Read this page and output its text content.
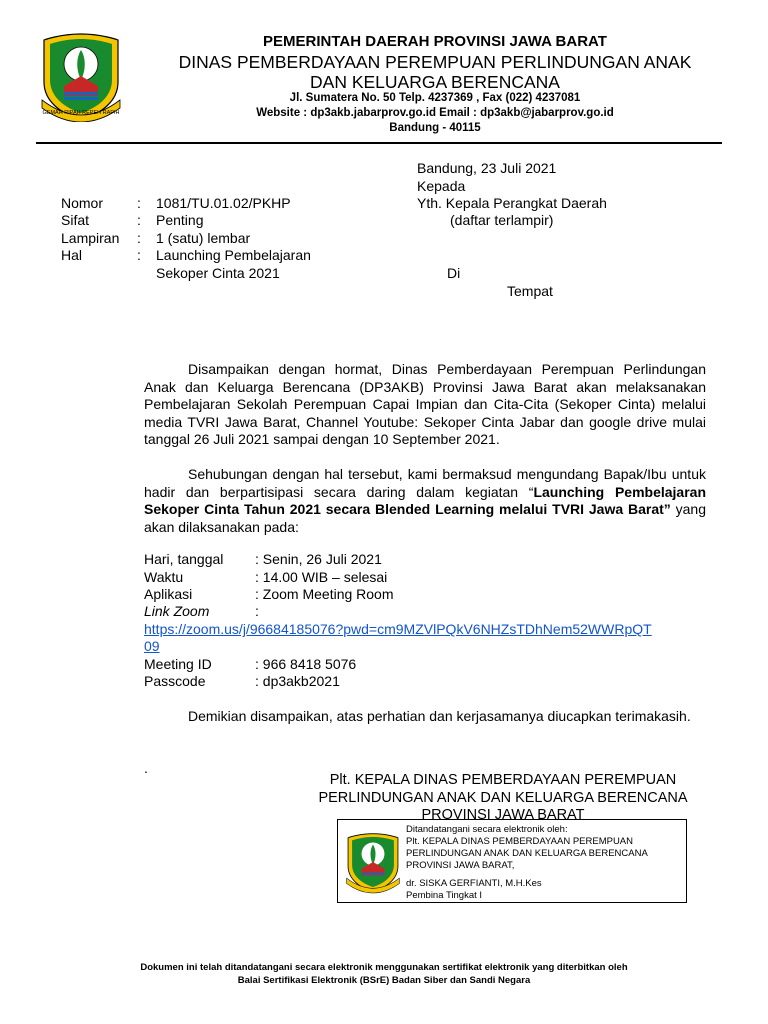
GEMAH RIPAH REPEH RAPIH
PEMERINTAH DAERAH PROVINSI JAWA BARAT
DINAS PEMBERDAYAAN PEREMPUAN PERLINDUNGAN ANAK
DAN KELUARGA BERENCANA
Jl. Sumatera No. 50 Telp. 4237369 , Fax (022) 4237081
Website : dp3akb.jabarprov.go.id Email : dp3akb@jabarprov.go.id
Bandung - 40115
Bandung, 23 Juli 2021
Kepada
Yth. Kepala Perangkat Daerah
(daftar terlampir)
Di
Tempat
Nomor : 1081/TU.01.02/PKHP
Sifat	: Penting
Lampiran : 1 (satu) lembar
Hal	: Launching Pembelajaran
Sekoper Cinta 2021
Disampaikan dengan hormat, Dinas Pemberdayaan Perempuan Perlindungan Anak dan Keluarga Berencana (DP3AKB) Provinsi Jawa Barat akan melaksanakan Pembelajaran Sekolah Perempuan Capai Impian dan Cita-Cita (Sekoper Cinta) melalui media TVRI Jawa Barat, Channel Youtube: Sekoper Cinta Jabar dan google drive mulai tanggal 26 Juli 2021 sampai dengan 10 September 2021.
Sehubungan dengan hal tersebut, kami bermaksud mengundang Bapak/Ibu untuk hadir dan berpartisipasi secara daring dalam kegiatan “Launching Pembelajaran Sekoper Cinta Tahun 2021 secara Blended Learning melalui TVRI Jawa Barat” yang akan dilaksanakan pada:
Hari, tanggal : Senin, 26 Juli 2021
Waktu	: 14.00 WIB – selesai
Aplikasi	: Zoom Meeting Room
Link Zoom	:
https://zoom.us/j/96684185076?pwd=cm9MZVlPQkV6NHZsTDhNem52WWRpQT
09
Meeting ID	: 966 8418 5076
Passcode	: dp3akb2021
Demikian disampaikan, atas perhatian dan kerjasamanya diucapkan terimakasih.
.
Plt. KEPALA DINAS PEMBERDAYAAN PEREMPUAN
PERLINDUNGAN ANAK DAN KELUARGA BERENCANA
PROVINSI JAWA BARAT
Ditandatangani secara elektronik oleh:
Plt. KEPALA DINAS PEMBERDAYAAN PEREMPUAN
PERLINDUNGAN ANAK DAN KELUARGA BERENCANA
PROVINSI JAWA BARAT,
dr. SISKA GERFIANTI, M.H.Kes
Pembina Tingkat I
Dokumen ini telah ditandatangani secara elektronik menggunakan sertifikat elektronik yang diterbitkan oleh
Balai Sertifikasi Elektronik (BSrE) Badan Siber dan Sandi Negara
